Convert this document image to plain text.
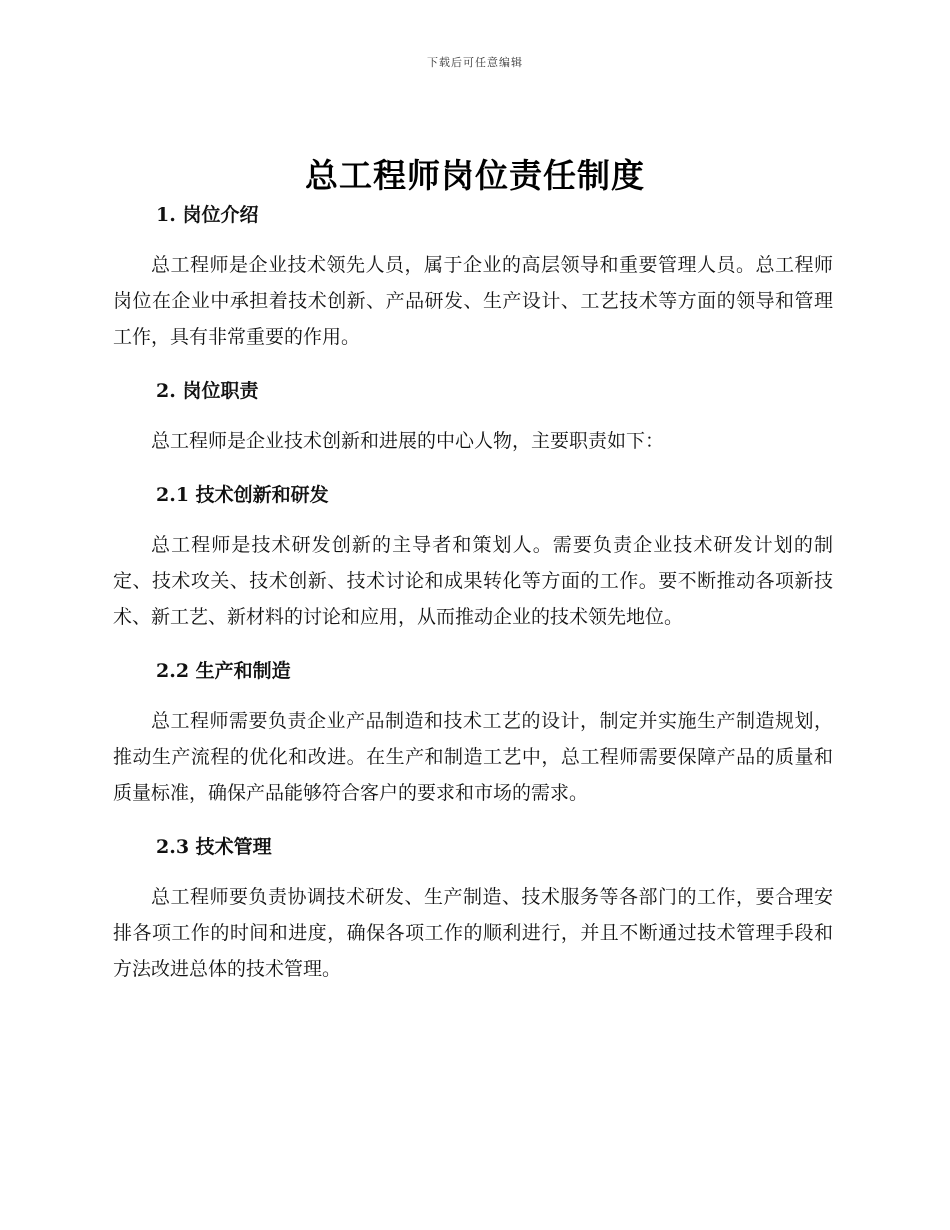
下载后可任意编辑
总工程师岗位责任制度
1. 岗位介绍

总工程师是企业技术领先人员，属于企业的高层领导和重要管理人员。总工程师岗位在企业中承担着技术创新、产品研发、生产设计、工艺技术等方面的领导和管理工作，具有非常重要的作用。

2. 岗位职责

总工程师是企业技术创新和进展的中心人物，主要职责如下：

2.1 技术创新和研发

总工程师是技术研发创新的主导者和策划人。需要负责企业技术研发计划的制定、技术攻关、技术创新、技术讨论和成果转化等方面的工作。要不断推动各项新技术、新工艺、新材料的讨论和应用，从而推动企业的技术领先地位。

2.2 生产和制造

总工程师需要负责企业产品制造和技术工艺的设计，制定并实施生产制造规划，推动生产流程的优化和改进。在生产和制造工艺中，总工程师需要保障产品的质量和质量标准，确保产品能够符合客户的要求和市场的需求。

2.3 技术管理

总工程师要负责协调技术研发、生产制造、技术服务等各部门的工作，要合理安排各项工作的时间和进度，确保各项工作的顺利进行，并且不断通过技术管理手段和方法改进总体的技术管理。
